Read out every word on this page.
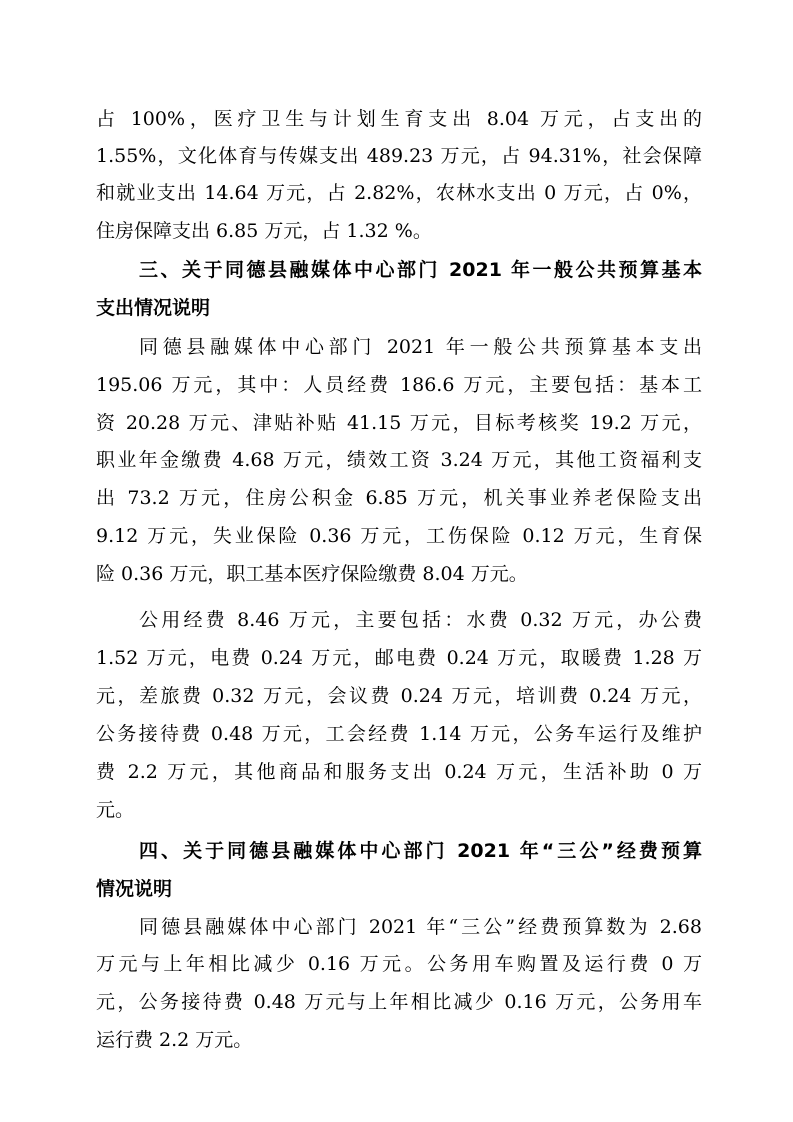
占 100%，医疗卫生与计划生育支出 8.04 万元，占支出的
1.55%，文化体育与传媒支出 489.23 万元，占 94.31%，社会保障
和就业支出 14.64 万元，占 2.82%，农林水支出 0 万元，占 0%，
住房保障支出 6.85 万元，占 1.32 %。
三、关于同德县融媒体中心部门 2021 年一般公共预算基本
支出情况说明
同德县融媒体中心部门 2021 年一般公共预算基本支出
195.06 万元，其中：人员经费 186.6 万元，主要包括：基本工
资 20.28 万元、津贴补贴 41.15 万元，目标考核奖 19.2 万元，
职业年金缴费 4.68 万元，绩效工资 3.24 万元，其他工资福利支
出 73.2 万元，住房公积金 6.85 万元，机关事业养老保险支出
9.12 万元，失业保险 0.36 万元，工伤保险 0.12 万元，生育保
险 0.36 万元，职工基本医疗保险缴费 8.04 万元。
公用经费 8.46 万元，主要包括：水费 0.32 万元，办公费
1.52 万元，电费 0.24 万元，邮电费 0.24 万元，取暖费 1.28 万
元，差旅费 0.32 万元，会议费 0.24 万元，培训费 0.24 万元，
公务接待费 0.48 万元，工会经费 1.14 万元，公务车运行及维护
费 2.2 万元，其他商品和服务支出 0.24 万元，生活补助 0 万
元。
四、关于同德县融媒体中心部门 2021 年“三公”经费预算
情况说明
同德县融媒体中心部门 2021 年“三公”经费预算数为 2.68
万元与上年相比减少 0.16 万元。公务用车购置及运行费 0 万
元，公务接待费 0.48 万元与上年相比减少 0.16 万元，公务用车
运行费 2.2 万元。
